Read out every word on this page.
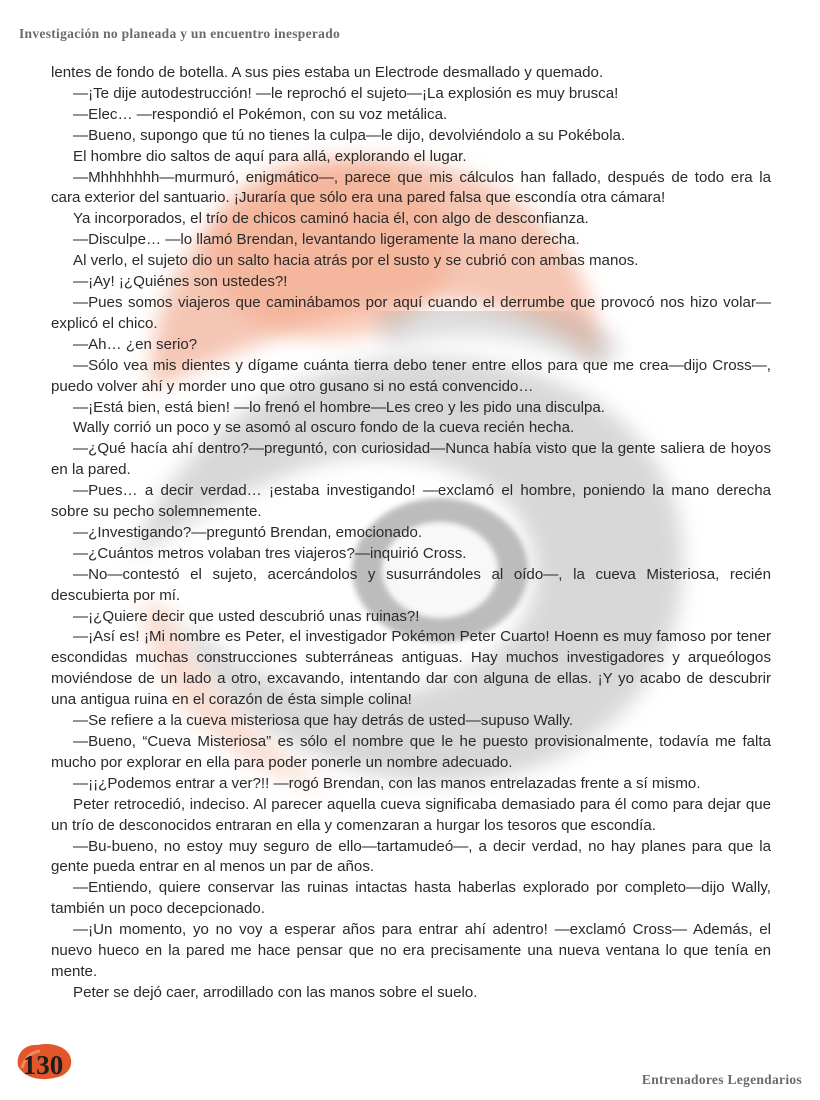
Investigación no planeada y un encuentro inesperado

lentes de fondo de botella. A sus pies estaba un Electrode desmallado y quemado.

—¡Te dije autodestrucción! —le reprochó el sujeto—¡La explosión es muy brusca!

—Elec… —respondió el Pokémon, con su voz metálica.

—Bueno, supongo que tú no tienes la culpa—le dijo, devolviéndolo a su Pokébola.

El hombre dio saltos de aquí para allá, explorando el lugar.

—Mhhhhhhh—murmuró, enigmático—, parece que mis cálculos han fallado, después de todo era la cara exterior del santuario. ¡Juraría que sólo era una pared falsa que escondía otra cámara!

Ya incorporados, el trío de chicos caminó hacia él, con algo de desconfianza.

—Disculpe… —lo llamó Brendan, levantando ligeramente la mano derecha.

Al verlo, el sujeto dio un salto hacia atrás por el susto y se cubrió con ambas manos.

—¡Ay! ¡¿Quiénes son ustedes?!

—Pues somos viajeros que caminábamos por aquí cuando el derrumbe que provocó nos hizo volar—explicó el chico.

—Ah… ¿en serio?

—Sólo vea mis dientes y dígame cuánta tierra debo tener entre ellos para que me crea—dijo Cross—, puedo volver ahí y morder uno que otro gusano si no está convencido…

—¡Está bien, está bien! —lo frenó el hombre—Les creo y les pido una disculpa.

Wally corrió un poco y se asomó al oscuro fondo de la cueva recién hecha.

—¿Qué hacía ahí dentro?—preguntó, con curiosidad—Nunca había visto que la gente saliera de hoyos en la pared.

—Pues… a decir verdad… ¡estaba investigando! —exclamó el hombre, poniendo la mano derecha sobre su pecho solemnemente.

—¿Investigando?—preguntó Brendan, emocionado.

—¿Cuántos metros volaban tres viajeros?—inquirió Cross.

—No—contestó el sujeto, acercándolos y susurrándoles al oído—, la cueva Misteriosa, recién descubierta por mí.

—¡¿Quiere decir que usted descubrió unas ruinas?!

—¡Así es! ¡Mi nombre es Peter, el investigador Pokémon Peter Cuarto! Hoenn es muy famoso por tener escondidas muchas construcciones subterráneas antiguas. Hay muchos investigadores y arqueólogos moviéndose de un lado a otro, excavando, intentando dar con alguna de ellas. ¡Y yo acabo de descubrir una antigua ruina en el corazón de ésta simple colina!

—Se refiere a la cueva misteriosa que hay detrás de usted—supuso Wally.

—Bueno, “Cueva Misteriosa” es sólo el nombre que le he puesto provisionalmente, todavía me falta mucho por explorar en ella para poder ponerle un nombre adecuado.

—¡¡¿Podemos entrar a ver?!! —rogó Brendan, con las manos entrelazadas frente a sí mismo.

Peter retrocedió, indeciso. Al parecer aquella cueva significaba demasiado para él como para dejar que un trío de desconocidos entraran en ella y comenzaran a hurgar los tesoros que escondía.

—Bu-bueno, no estoy muy seguro de ello—tartamudeó—, a decir verdad, no hay planes para que la gente pueda entrar en al menos un par de años.

—Entiendo, quiere conservar las ruinas intactas hasta haberlas explorado por completo—dijo Wally, también un poco decepcionado.

—¡Un momento, yo no voy a esperar años para entrar ahí adentro! —exclamó Cross— Además, el nuevo hueco en la pared me hace pensar que no era precisamente una nueva ventana lo que tenía en mente.

Peter se dejó caer, arrodillado con las manos sobre el suelo.

130	Entrenadores Legendarios
